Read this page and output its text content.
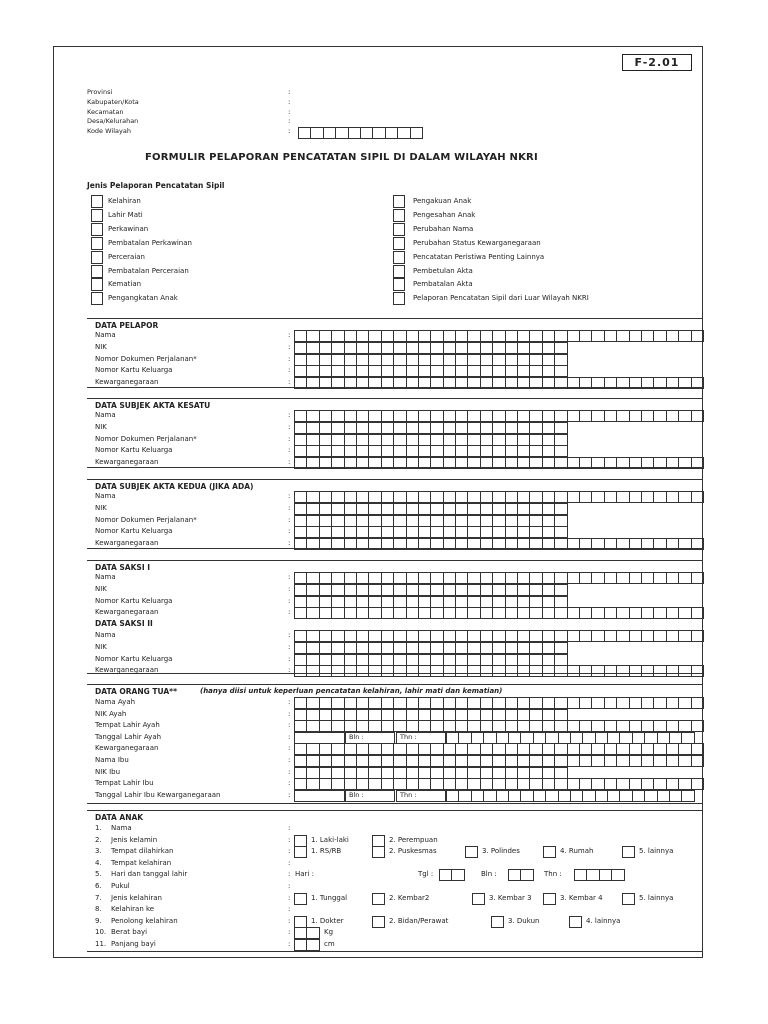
F-2.01
Provinsi	:
Kabupaten/Kota	:
Kecamatan	:
Desa/Kelurahan	:
Kode Wilayah	:
FORMULIR PELAPORAN PENCATATAN SIPIL DI DALAM WILAYAH NKRI
Jenis Pelaporan Pencatatan Sipil
Kelahiran
Lahir Mati
Perkawinan
Pembatalan Perkawinan
Perceraian
Pembatalan Perceraian
Kematian
Pengangkatan Anak
Pengakuan Anak
Pengesahan Anak
Perubahan Nama
Perubahan Status Kewarganegaraan
Pencatatan Peristiwa Penting Lainnya
Pembetulan Akta
Pembatalan Akta
Pelaporan Pencatatan Sipil dari Luar Wilayah NKRI
DATA PELAPOR
Nama	:
NIK	:
Nomor Dokumen Perjalanan*	:
Nomor Kartu Keluarga	:
Kewarganegaraan	:
DATA SUBJEK AKTA KESATU
Nama	:
NIK	:
Nomor Dokumen Perjalanan*	:
Nomor Kartu Keluarga	:
Kewarganegaraan	:
DATA SUBJEK AKTA KEDUA (JIKA ADA)
Nama	:
NIK	:
Nomor Dokumen Perjalanan*	:
Nomor Kartu Keluarga	:
Kewarganegaraan	:
DATA SAKSI I
Nama	:
NIK	:
Nomor Kartu Keluarga	:
Kewarganegaraan	:
DATA SAKSI II
Nama	:
NIK	:
Nomor Kartu Keluarga	:
Kewarganegaraan	:
DATA ORANG TUA**	(hanya diisi untuk keperluan pencatatan kelahiran, lahir mati dan kematian)
Nama Ayah	:
NIK Ayah	:
Tempat Lahir Ayah	:
Tanggal Lahir Ayah	:	Bln :	Thn :
Kewarganegaraan	:
Nama Ibu	:
NIK Ibu	:
Tempat Lahir Ibu	:
Tanggal Lahir Ibu Kewarganegaraan	:	Bln :	Thn :
DATA ANAK
1. Nama	:
2. Jenis kelamin	:	1. Laki-laki	2. Perempuan
3. Tempat dilahirkan	:	1. RS/RB	2. Puskesmas	3. Polindes	4. Rumah	5. lainnya
4. Tempat kelahiran	:
5. Hari dan tanggal lahir	: Hari :	Tgl :	Bln :	Thn :
6. Pukul	:
7. Jenis kelahiran	:	1. Tunggal	2. Kembar2	3. Kembar 3	3. Kembar 4	5. lainnya
8. Kelahiran ke	:
9. Penolong kelahiran	:	1. Dokter	2. Bidan/Perawat	3. Dukun	4. lainnya
10. Berat bayi	:	Kg
11. Panjang bayi	:	cm
